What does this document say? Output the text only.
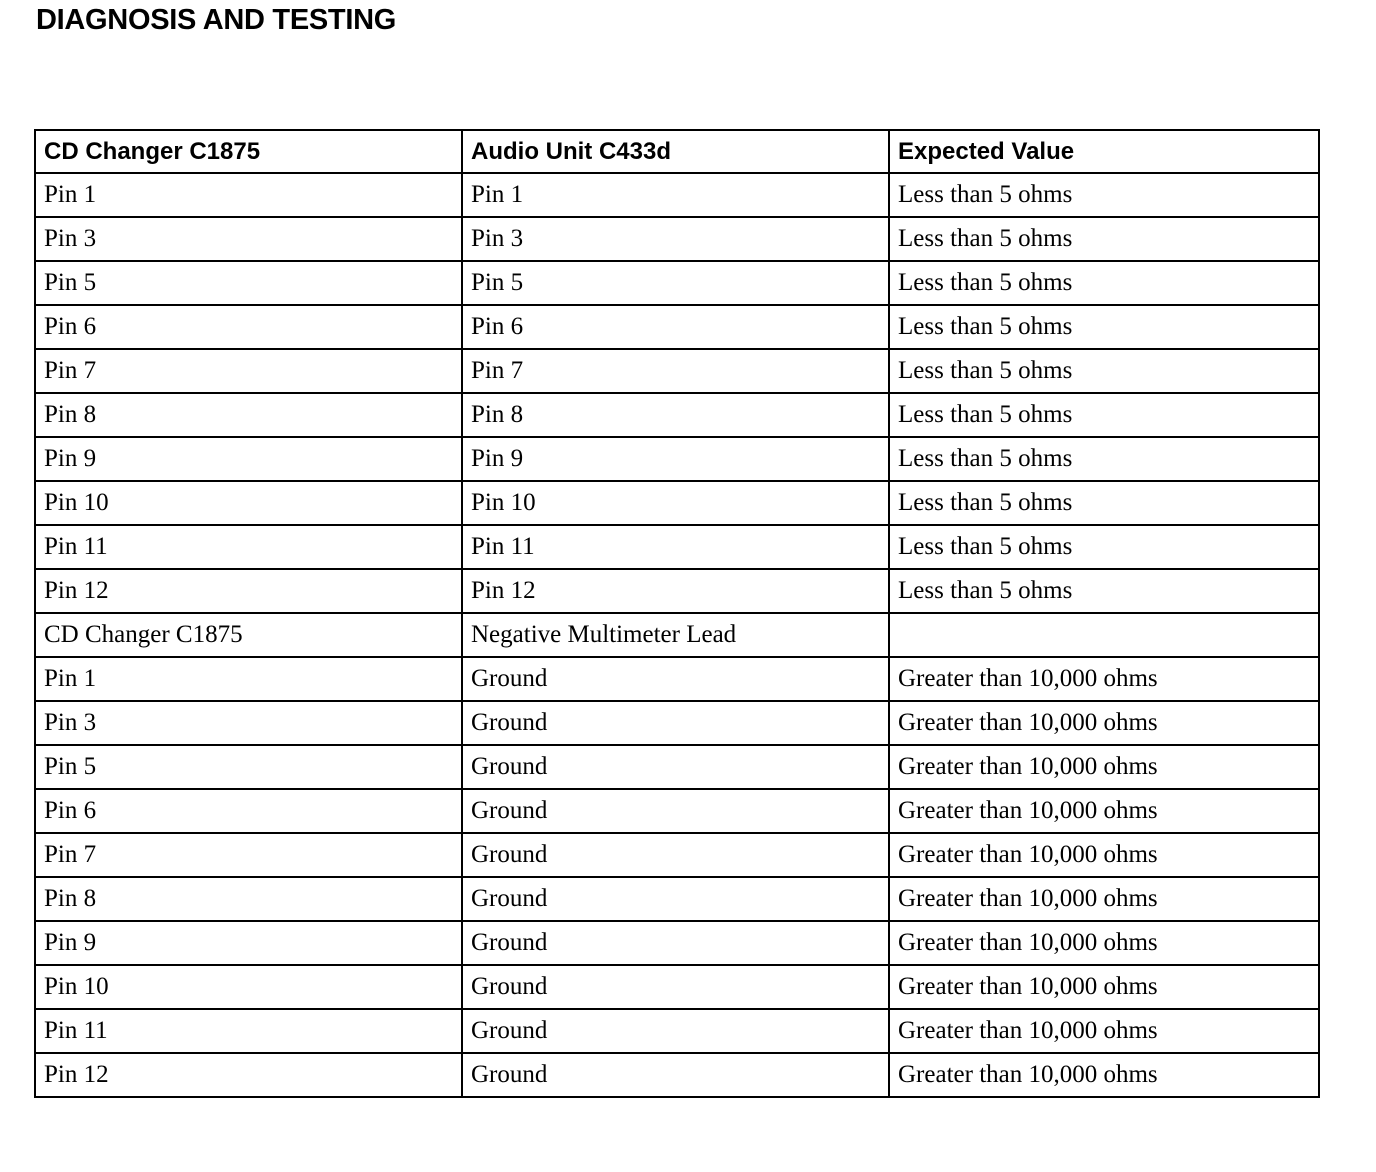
DIAGNOSIS AND TESTING
CD Changer C1875	Audio Unit C433d	Expected Value
Pin 1	Pin 1	Less than 5 ohms
Pin 3	Pin 3	Less than 5 ohms
Pin 5	Pin 5	Less than 5 ohms
Pin 6	Pin 6	Less than 5 ohms
Pin 7	Pin 7	Less than 5 ohms
Pin 8	Pin 8	Less than 5 ohms
Pin 9	Pin 9	Less than 5 ohms
Pin 10	Pin 10	Less than 5 ohms
Pin 11	Pin 11	Less than 5 ohms
Pin 12	Pin 12	Less than 5 ohms
CD Changer C1875	Negative Multimeter Lead	
Pin 1	Ground	Greater than 10,000 ohms
Pin 3	Ground	Greater than 10,000 ohms
Pin 5	Ground	Greater than 10,000 ohms
Pin 6	Ground	Greater than 10,000 ohms
Pin 7	Ground	Greater than 10,000 ohms
Pin 8	Ground	Greater than 10,000 ohms
Pin 9	Ground	Greater than 10,000 ohms
Pin 10	Ground	Greater than 10,000 ohms
Pin 11	Ground	Greater than 10,000 ohms
Pin 12	Ground	Greater than 10,000 ohms
